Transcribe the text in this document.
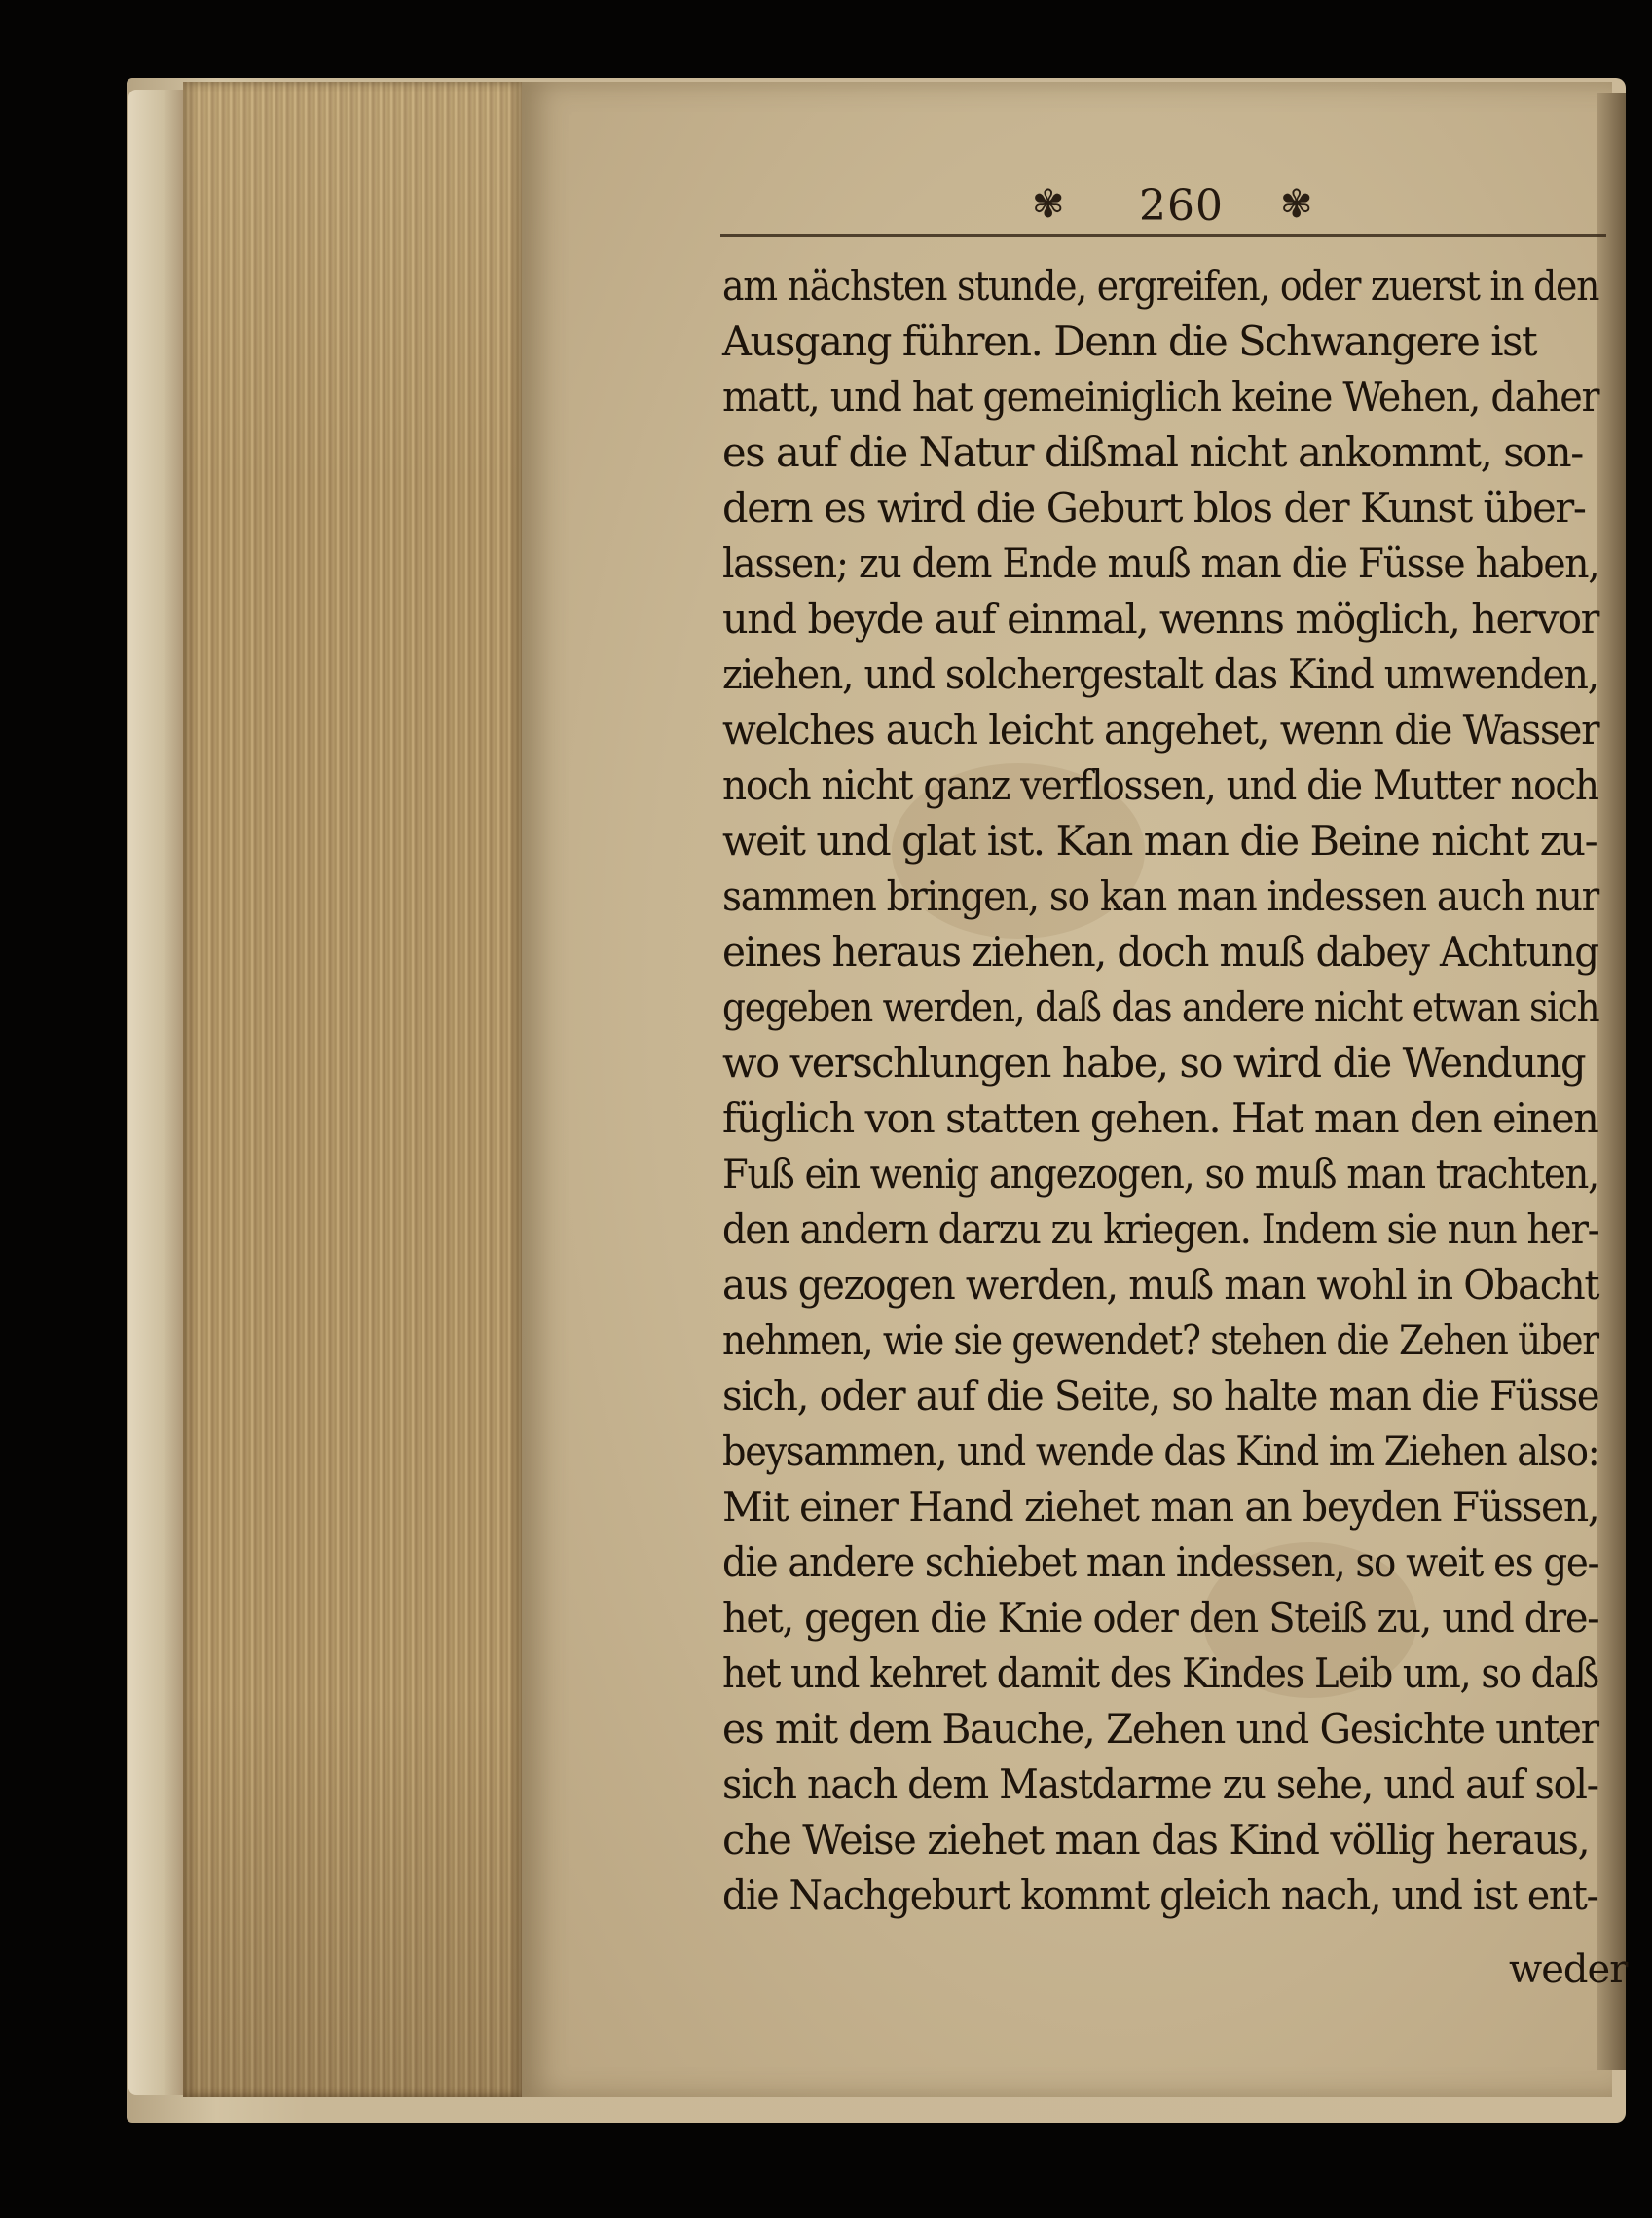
✾ 260 ✾
am nächsten stunde, ergreifen, oder zuerst in den
Ausgang führen. Denn die Schwangere ist
matt, und hat gemeiniglich keine Wehen, daher
es auf die Natur dißmal nicht ankommt, son-
dern es wird die Geburt blos der Kunst über-
lassen; zu dem Ende muß man die Füsse haben,
und beyde auf einmal, wenns möglich, hervor
ziehen, und solchergestalt das Kind umwenden,
welches auch leicht angehet, wenn die Wasser
noch nicht ganz verflossen, und die Mutter noch
weit und glat ist. Kan man die Beine nicht zu-
sammen bringen, so kan man indessen auch nur
eines heraus ziehen, doch muß dabey Achtung
gegeben werden, daß das andere nicht etwan sich
wo verschlungen habe, so wird die Wendung
füglich von statten gehen. Hat man den einen
Fuß ein wenig angezogen, so muß man trachten,
den andern darzu zu kriegen. Indem sie nun her-
aus gezogen werden, muß man wohl in Obacht
nehmen, wie sie gewendet? stehen die Zehen über
sich, oder auf die Seite, so halte man die Füsse
beysammen, und wende das Kind im Ziehen also:
Mit einer Hand ziehet man an beyden Füssen,
die andere schiebet man indessen, so weit es ge-
het, gegen die Knie oder den Steiß zu, und dre-
het und kehret damit des Kindes Leib um, so daß
es mit dem Bauche, Zehen und Gesichte unter
sich nach dem Mastdarme zu sehe, und auf sol-
che Weise ziehet man das Kind völlig heraus,
die Nachgeburt kommt gleich nach, und ist ent-
weder
